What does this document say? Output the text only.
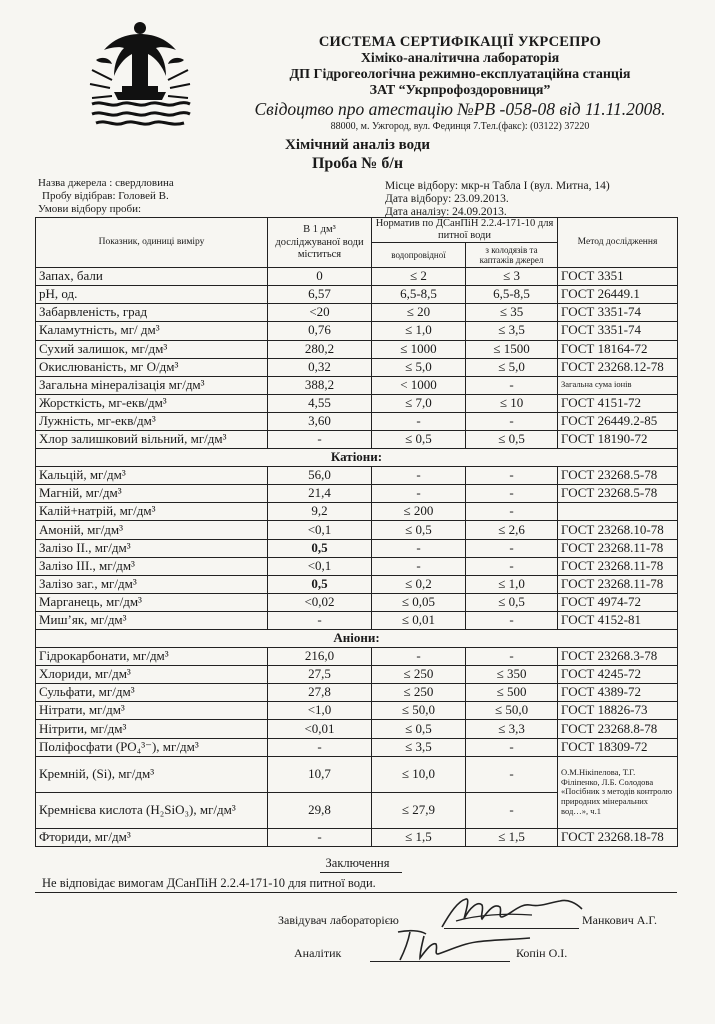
СИСТЕМА СЕРТИФІКАЦІЇ УКРСЕПРО
Хіміко-аналітична лабораторія
ДП Гідрогеологічна режимно-експлуатаційна станція
ЗАТ “Укрпрофоздоровниця”
Свідоцтво про атестацію №РВ -058-08 від 11.11.2008.
88000, м. Ужгород, вул. Фединця 7.Тел.(факс): (03122) 37220
Хімічний аналіз води
Проба № б/н
Назва джерела : свердловина
Пробу відібрав: Головей В.
Умови відбору проби:
Місце відбору: мкр-н Табла I (вул. Митна, 14)
Дата відбору: 23.09.2013.
Дата аналізу: 24.09.2013.
Показник, одиниці виміру	В 1 дм³ досліджуваної води міститься	Норматив по ДСанПіН 2.2.4-171-10 для питної води		Метод дослідження
		водопровідної	з колодязів та каптажів джерел	
Запах, бали	0	≤ 2	≤ 3	ГОСТ 3351
pH, од.	6,57	6,5-8,5	6,5-8,5	ГОСТ 26449.1
Забарвленість, град	<20	≤ 20	≤ 35	ГОСТ 3351-74
Каламутність, мг/ дм³	0,76	≤ 1,0	≤ 3,5	ГОСТ 3351-74
Сухий залишок, мг/дм³	280,2	≤ 1000	≤ 1500	ГОСТ 18164-72
Окислюваність, мг O/дм³	0,32	≤ 5,0	≤ 5,0	ГОСТ 23268.12-78
Загальна мінералізація мг/дм³	388,2	< 1000	-	Загальна сума іонів
Жорсткість, мг-екв/дм³	4,55	≤ 7,0	≤ 10	ГОСТ 4151-72
Лужність, мг-екв/дм³	3,60	-	-	ГОСТ 26449.2-85
Хлор залишковий вільний, мг/дм³	-	≤ 0,5	≤ 0,5	ГОСТ 18190-72
Катіони:				
Кальцій, мг/дм³	56,0	-	-	ГОСТ 23268.5-78
Магній, мг/дм³	21,4	-	-	ГОСТ 23268.5-78
Калій+натрій, мг/дм³	9,2	≤ 200	-	
Амоній, мг/дм³	<0,1	≤ 0,5	≤ 2,6	ГОСТ 23268.10-78
Залізо II., мг/дм³	0,5	-	-	ГОСТ 23268.11-78
Залізо III., мг/дм³	<0,1	-	-	ГОСТ 23268.11-78
Залізо заг., мг/дм³	0,5	≤ 0,2	≤ 1,0	ГОСТ 23268.11-78
Марганець, мг/дм³	<0,02	≤ 0,05	≤ 0,5	ГОСТ 4974-72
Миш’як, мг/дм³	-	≤ 0,01	-	ГОСТ 4152-81
Аніони:				
Гідрокарбонати, мг/дм³	216,0	-	-	ГОСТ 23268.3-78
Хлориди, мг/дм³	27,5	≤ 250	≤ 350	ГОСТ 4245-72
Сульфати, мг/дм³	27,8	≤ 250	≤ 500	ГОСТ 4389-72
Нітрати, мг/дм³	<1,0	≤ 50,0	≤ 50,0	ГОСТ 18826-73
Нітрити, мг/дм³	<0,01	≤ 0,5	≤ 3,3	ГОСТ 23268.8-78
Поліфосфати (PO₄³⁻), мг/дм³	-	≤ 3,5	-	ГОСТ 18309-72
Кремній, (Si), мг/дм³	10,7	≤ 10,0	-	О.М.Нікіпелова, Т.Г. Філіпенко, Л.Б. Солодова «Посібник з методів контролю природних мінеральних вод…», ч.1
Кремнієва кислота (H₂SiO₃), мг/дм³	29,8	≤ 27,9	-	
Фториди, мг/дм³	-	≤ 1,5	≤ 1,5	ГОСТ 23268.18-78
Заключення
Не відповідає вимогам ДСанПіН 2.2.4-171-10 для питної води.
Завідувач лабораторією	Манкович А.Г.
Аналітик	Копін О.І.
